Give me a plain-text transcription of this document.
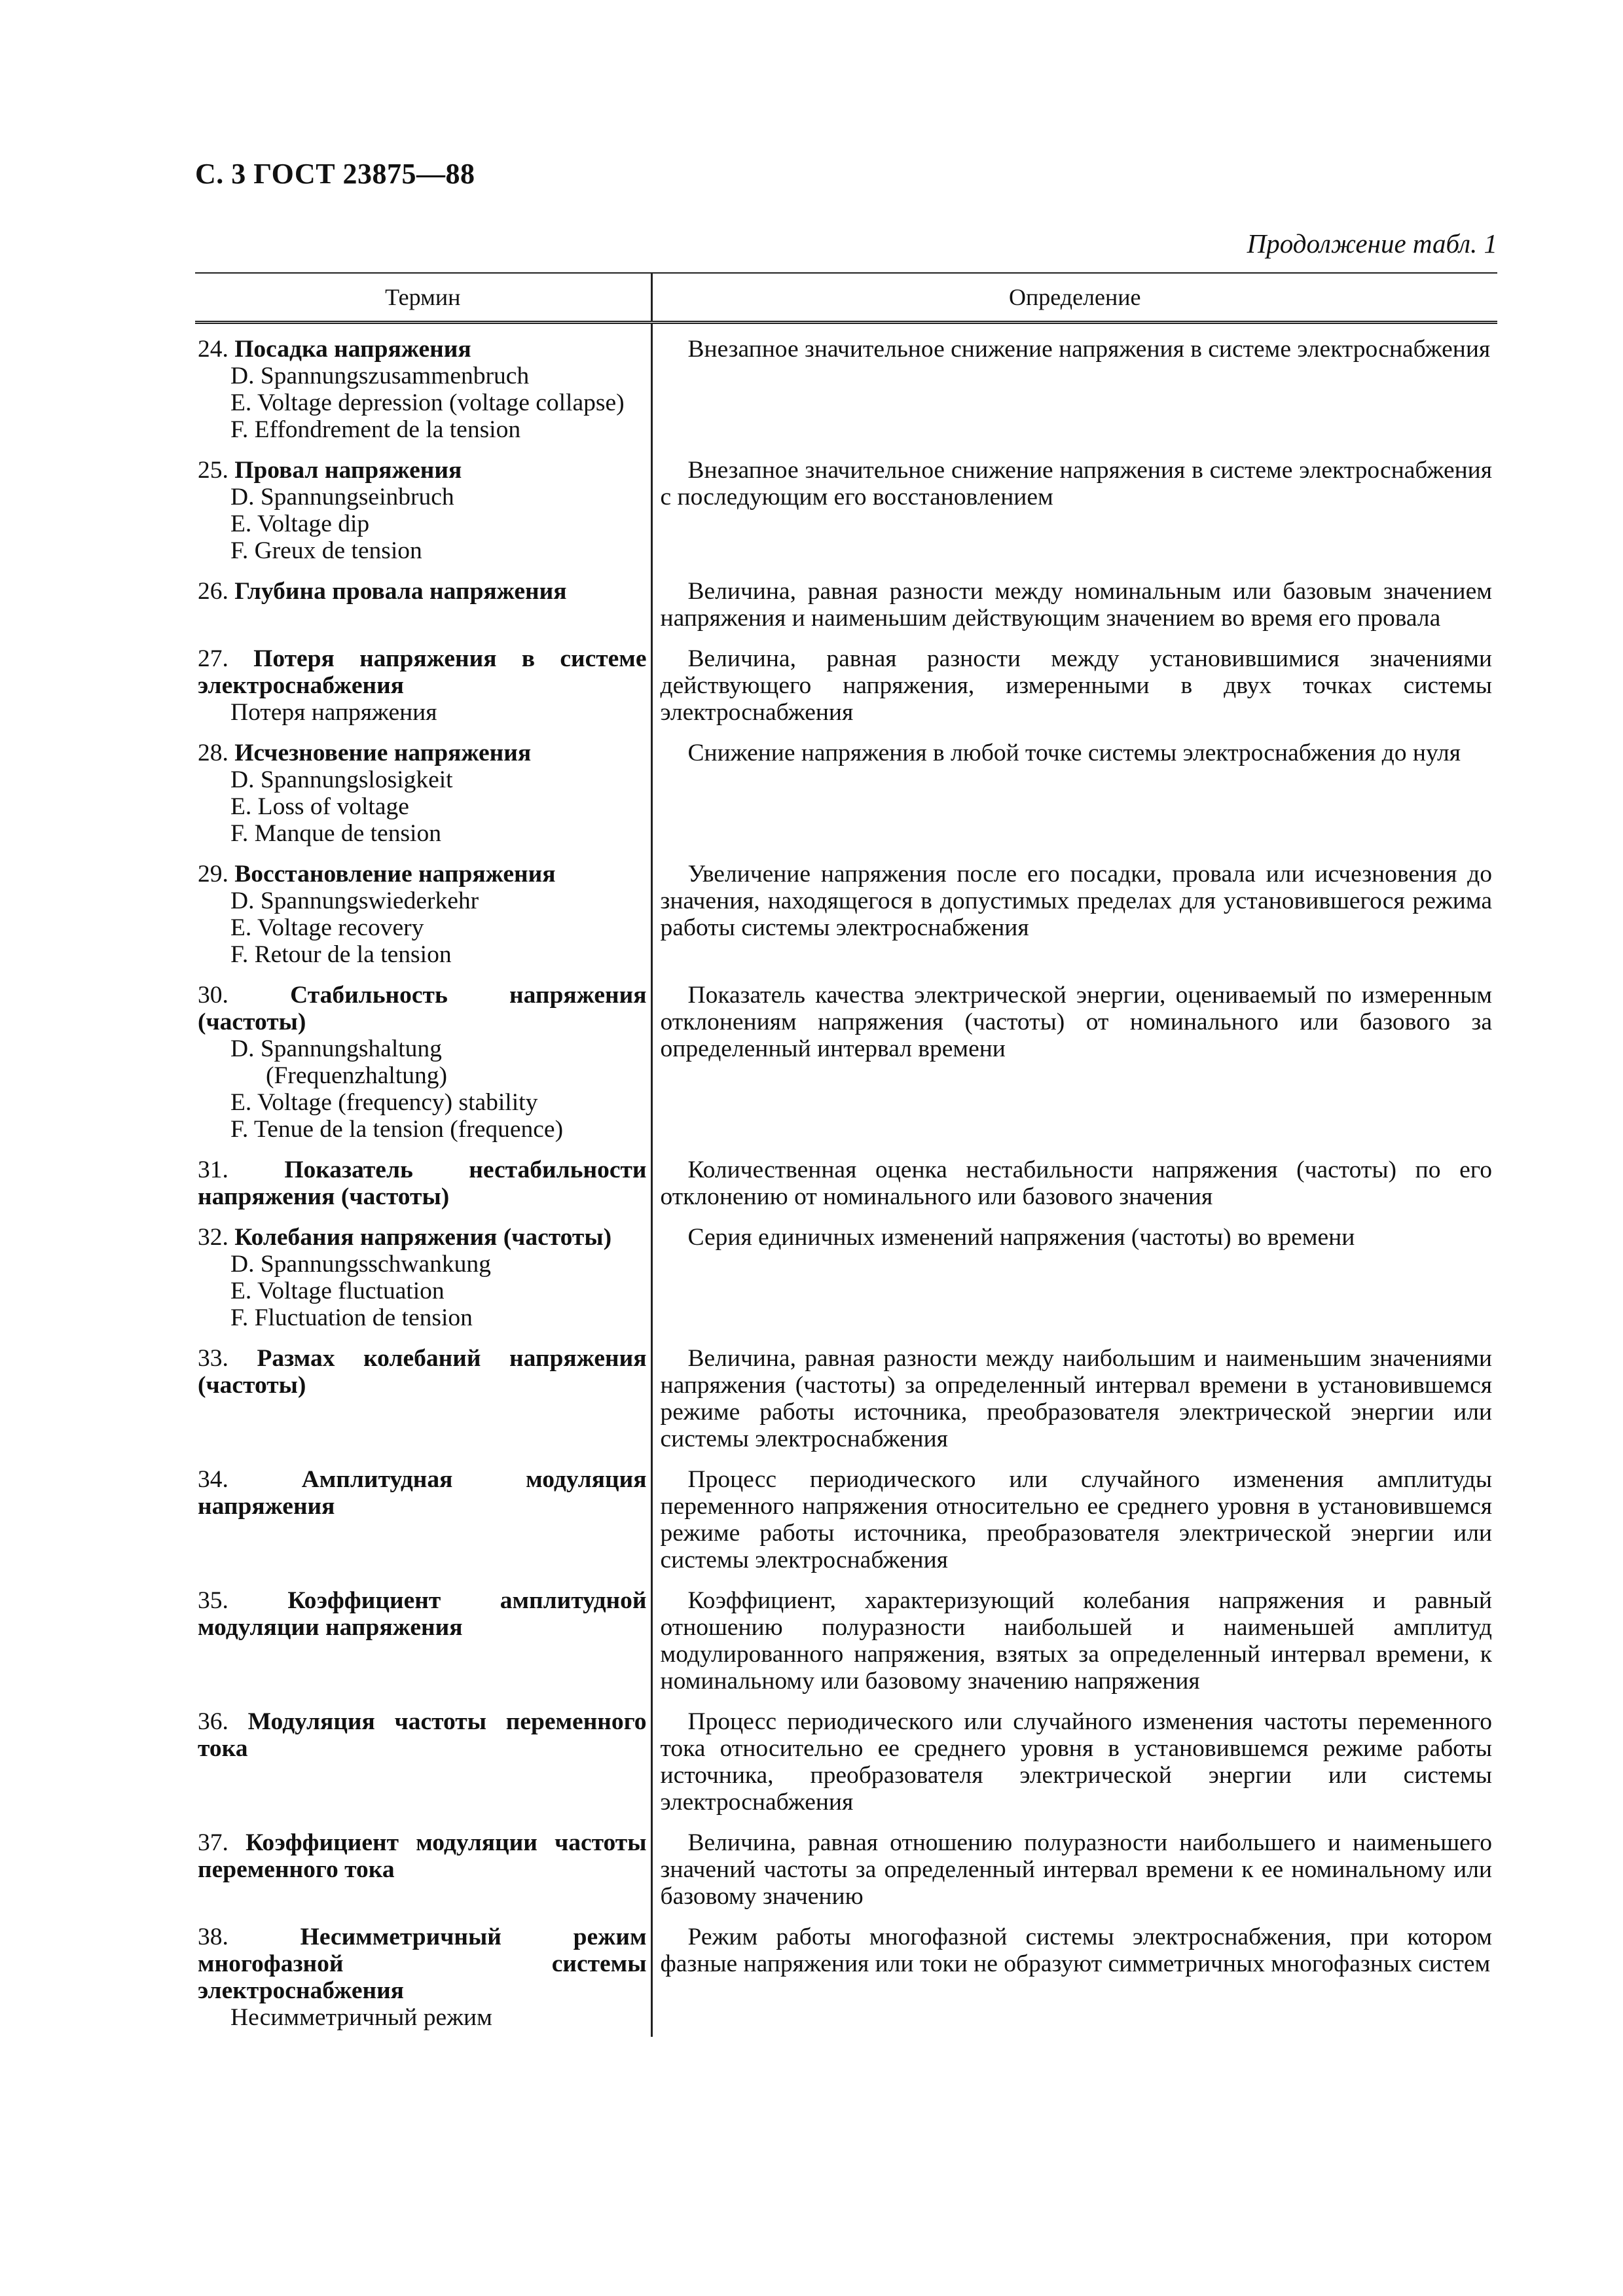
С. 3 ГОСТ 23875—88
Продолжение табл. 1
Термин	Определение

24. Посадка напряжения
D. Spannungszusammenbruch
E. Voltage depression (voltage collapse)
F. Effondrement de la tension	Внезапное значительное снижение напряжения в системе электроснабжения

25. Провал напряжения
D. Spannungseinbruch
E. Voltage dip
F. Greux de tension	Внезапное значительное снижение напряжения в системе электроснабжения с последующим его восстановлением

26. Глубина провала напряжения	Величина, равная разности между номинальным или базовым значением напряжения и наименьшим действующим значением во время его провала

27. Потеря напряжения в системе электроснабжения
Потеря напряжения	Величина, равная разности между установившимися значениями действующего напряжения, измеренными в двух точках системы электроснабжения

28. Исчезновение напряжения
D. Spannungslosigkeit
E. Loss of voltage
F. Manque de tension	Снижение напряжения в любой точке системы электроснабжения до нуля

29. Восстановление напряжения
D. Spannungswiederkehr
E. Voltage recovery
F. Retour de la tension	Увеличение напряжения после его посадки, провала или исчезновения до значения, находящегося в допустимых пределах для установившегося режима работы системы электроснабжения

30. Стабильность напряжения (частоты)
D. Spannungshaltung
(Frequenzhaltung)
E. Voltage (frequency) stability
F. Tenue de la tension (frequence)	Показатель качества электрической энергии, оцениваемый по измеренным отклонениям напряжения (частоты) от номинального или базового за определенный интервал времени

31. Показатель нестабильности напряжения (частоты)	Количественная оценка нестабильности напряжения (частоты) по его отклонению от номинального или базового значения

32. Колебания напряжения (частоты)
D. Spannungsschwankung
E. Voltage fluctuation
F. Fluctuation de tension	Серия единичных изменений напряжения (частоты) во времени

33. Размах колебаний напряжения (частоты)	Величина, равная разности между наибольшим и наименьшим значениями напряжения (частоты) за определенный интервал времени в установившемся режиме работы источника, преобразователя электрической энергии или системы электроснабжения

34. Амплитудная модуляция напряжения	Процесс периодического или случайного изменения амплитуды переменного напряжения относительно ее среднего уровня в установившемся режиме работы источника, преобразователя электрической энергии или системы электроснабжения

35. Коэффициент амплитудной модуляции напряжения	Коэффициент, характеризующий колебания напряжения и равный отношению полуразности наибольшей и наименьшей амплитуд модулированного напряжения, взятых за определенный интервал времени, к номинальному или базовому значению напряжения

36. Модуляция частоты переменного тока	Процесс периодического или случайного изменения частоты переменного тока относительно ее среднего уровня в установившемся режиме работы источника, преобразователя электрической энергии или системы электроснабжения

37. Коэффициент модуляции частоты переменного тока	Величина, равная отношению полуразности наибольшего и наименьшего значений частоты за определенный интервал времени к ее номинальному или базовому значению

38. Несимметричный режим многофазной системы электроснабжения
Несимметричный режим	Режим работы многофазной системы электроснабжения, при котором фазные напряжения или токи не образуют симметричных многофазных систем
